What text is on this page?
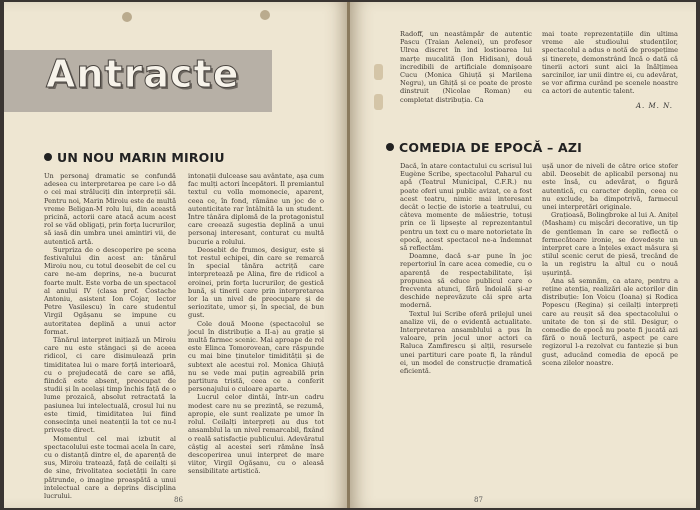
Antracte
UN NOU MARIN MIROIU

Un personaj dramatic se confundă adesea cu interpretarea pe care i-o dă o cei mai străluciți din interpreții săi. Pentru noi, Marin Miroiu este de multă vreme Beligan-M rolu lui, din această pricină, actorii care atacă acum acest rol se văd obligați, prin forța lucrurilor, să iasă din umbra unei amintiri vii, de autentică artă.

Surpriza de o descoperire pe scena festivalului din acest an: tânărul Miroiu nou, cu totul deosebit de cel cu care ne-am deprins, ne-a bucurat foarte mult. Este vorba de un spectacol al anului IV (clasa prof. Costache Antoniu, asistent Ion Cojar, lector Petre Vasilescu) în care studentul Virgil Ogășanu se impune cu autoritatea deplină a unui actor format.

Tânărul interpret inițiază un Miroiu care nu este stângaci și de aceea ridicol, ci care disimulează prin timiditatea lui o mare forță interioară, cu o prejudecată de care se află, fiindcă este absent, preocupat de studii și în același timp închis față de o lume prozaică, absolut retractată la pasiunea lui intelectuală, crosul lui nu este timid, timiditatea lui fiind consecința unei neatenții la tot ce nu-l privește direct.

Momentul cel mai izbutit al spectacolului este tocmai acela în care, cu o distanță dintre el, de aparență de sus, Miroiu tratează, față de ceilalți și de sine, frivolitatea societății în care pătrunde, o imagine proaspătă a unui intelectual care a deprins disciplina lucrului.

intonații dulcease sau avântate, așa cum fac mulți actori începători. Il premiantul textul cu volla momonecie, aparent, ceea ce, în fond, rămâne un joc de o autenticitate rar întâlnită la un student. Între tânăra diplomă de la protagonistul care creează sugestia deplină a unui personaj interesant, conturat cu multă bucurie a rolului.

Deosebit de frumos, desigur, este și tot restul echipei, din care se remarcă în special tânăra actriță care interpretează pe Alina, fire de ridicol a eroinei, prin forța lucrurilor, de gestică bună, și tinerii care prin interpretarea lor la un nivel de preocupare și de seriozitate, umor și, în special, de bun gust.

Cole două Moone (spectacolul se jocul în distribuție a II-a) au grație și multă farmec scenic. Mai aproape de rol este Elinca Tomorovean, care răspunde cu mai bine ținutelor timidității și de subtext ale acestui rol. Monica Ghiuță nu se vede mai puțin agreabilă prin partitura tristă, ceea ce a conferit personajului o culoare aparte.

Lucrul celor dintâi, într-un cadru modest care nu se prezintă, se rezumă, apropie, ele sunt realizate pe umor în rolul. Ceilalți interpreți au dus tot ansamblul la un nivel remarcabil, fixând o reală satisfacție publicului. Adevăratul câștig al acestei seri rămâne însă descoperirea unui interpret de mare viitor, Virgil Ogășanu, cu o aleasă sensibilitate artistică.

86

Radoff, un neastâmpăr de autentic Pascu (Traian Aelenei), un profesor Ulrea discret în ind lostioarea lui marțe mucalită (Ion Hidisan), două incredibili de artificiale domnișoare Cucu (Monica Ghiuță și Marilena Negru), un Ghiță și ce poate de proste dinstruit (Nicolae Roman) eu completat distribuția. Ca

mai toate reprezentațiile din ultima vreme ale studioului studenților, spectacolul a adus o notă de prospețime și tinerețe, demonstrând încă o dată că tinerii actori sunt aici la înălțimea sarcinilor, iar unii dintre ei, cu adevărat, se vor afirma curând pe scenele noastre ca actori de autentic talent.

A. M. N.
COMEDIA DE EPOCĂ – AZI

Dacă, în atare contactului cu scrisul lui Eugène Scribe, spectacolul Paharul cu apă (Teatrul Municipal, C.F.R.) nu poate oferi unui public avizat, ce a fost acest teatru, nimic mai interesant decât o lecție de istorie a teatrului, cu câteva momente de măiestrie, totuși prin ce îi lipsește al reprezentantul pentru un text cu o mare notorietate în epocă, acest spectacol ne-a îndemnat să reflectăm.

Doamne, dacă s-ar pune în joc repertoriul în care acea comedie, cu o aparență de respectabilitate, își propunea să educe publicul care o frecventa atunci, fără îndoială și-ar deschide neprevăzute căi spre arta modernă.

Textul lui Scribe oferă prilejul unei analize vii, de o evidentă actualitate. Interpretarea ansamblului a pus în valoare, prin jocul unor actori ca Raluca Zamfirescu și alții, resursele unei partituri care poate fi, la rândul ei, un model de construcție dramatică eficientă.

ușă unor de niveli de către orice stofer abil. Deosebit de aplicabil personaj nu este însă, cu adevărat, o figură autentică, cu caracter deplin, ceea ce nu exclude, ba dimpotrivă, farmecul unei interpretări originale.

Grațioasă, Bolingbroke al lui A. Anițel (Masham) cu mișcări decorative, un tip de gentleman în care se reflectă o fermecătoare ironie, se dovedește un interpret care a înțeles exact măsura și stilul scenic cerut de piesă, trecând de la un registru la altul cu o nouă ușurință.

Ana să semnăm, ca atare, pentru a reține atenția, realizări ale actorilor din distribuție: Ion Voicu (Ioana) și Rodica Popescu (Regina) și ceilalți interpreți care au reușit să dea spectacolului o unitate de ton și de stil. Desigur, o comedie de epocă nu poate fi jucată azi fără o nouă lectură, aspect pe care regizorul l-a rezolvat cu fantezie și bun gust, aducând comedia de epocă pe scena zilelor noastre.

87
